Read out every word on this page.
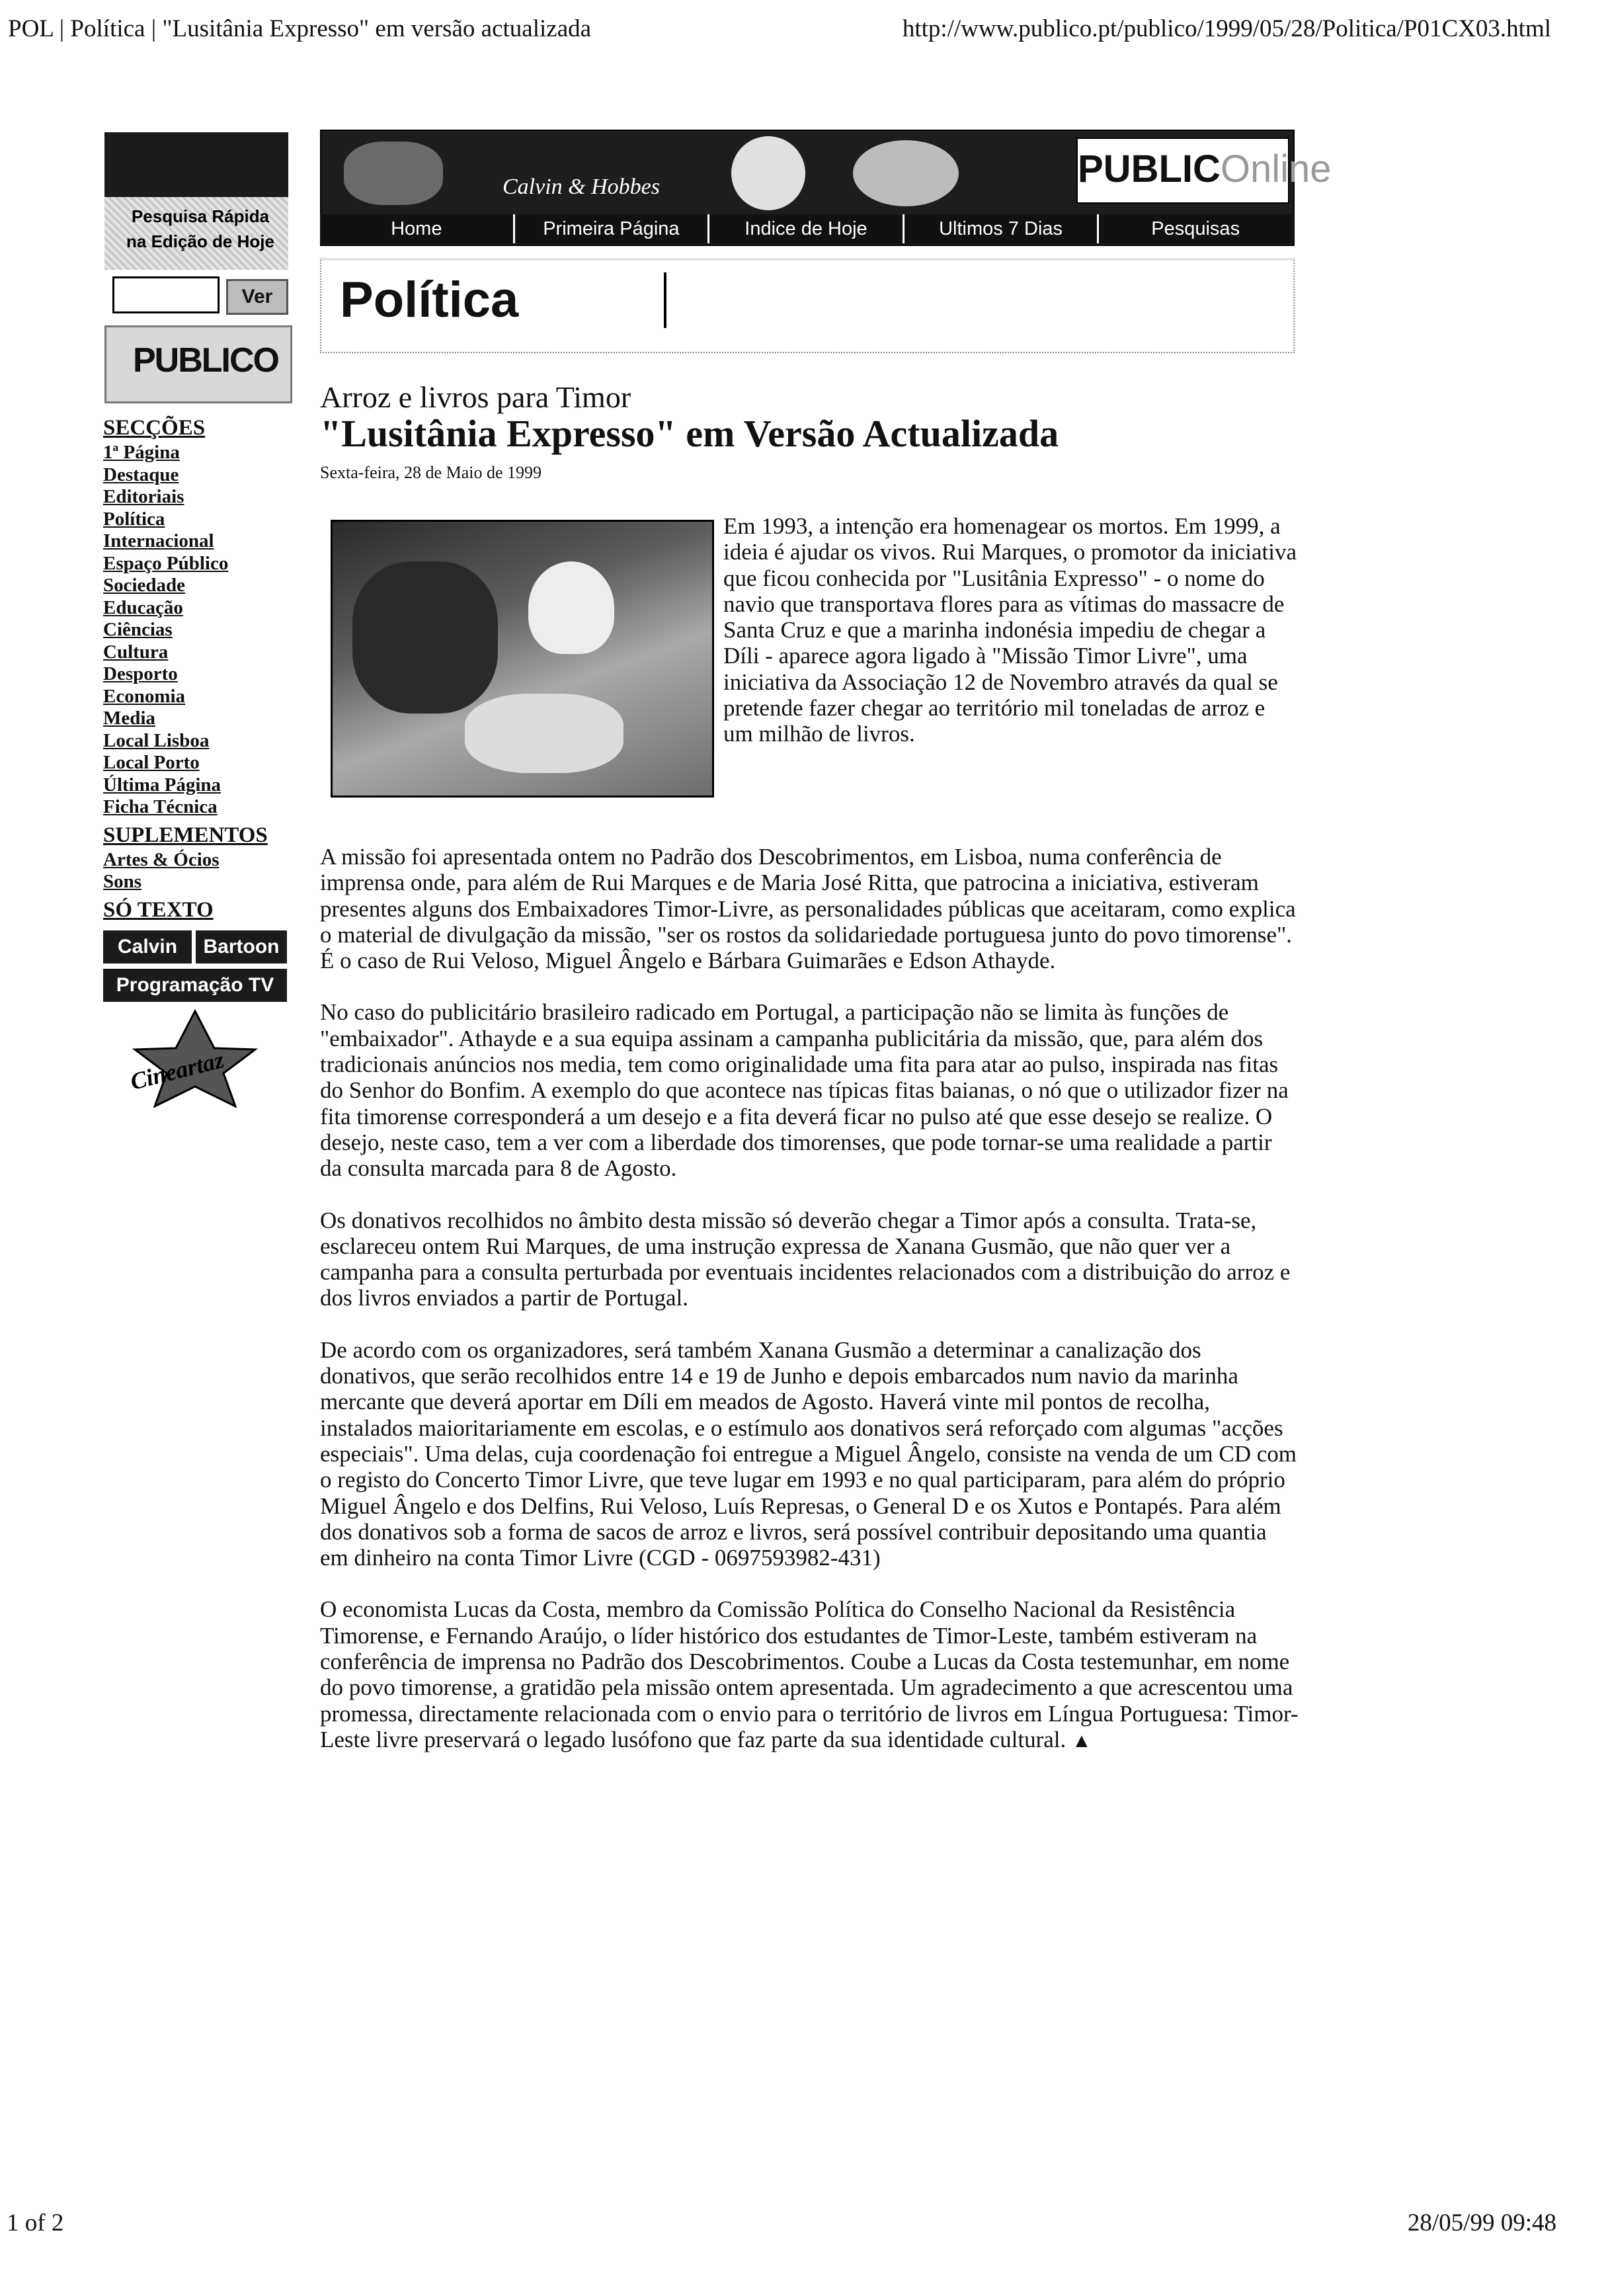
POL | Política | "Lusitânia Expresso" em versão actualizada	http://www.publico.pt/publico/1999/05/28/Politica/P01CX03.html
1 of 2	28/05/99 09:48
Pesquisa Rápida
na Edição de Hoje
Ver
PUBLICO
SECÇÕES
1ª Página
Destaque
Editoriais
Política
Internacional
Espaço Público
Sociedade
Educação
Ciências
Cultura
Desporto
Economia
Media
Local Lisboa
Local Porto
Última Página
Ficha Técnica
SUPLEMENTOS
Artes & Ócios
Sons
SÓ TEXTO
Calvin	Bartoon
Programação TV
Cineartaz
Calvin & Hobbes	PUBLICOnline
Home	Primeira Página	Indice de Hoje	Ultimos 7 Dias	Pesquisas
Política
Arroz e livros para Timor
"Lusitânia Expresso" em Versão Actualizada
Sexta-feira, 28 de Maio de 1999
Em 1993, a intenção era homenagear os mortos. Em 1999, a ideia é ajudar os vivos. Rui Marques, o promotor da iniciativa que ficou conhecida por "Lusitânia Expresso" - o nome do navio que transportava flores para as vítimas do massacre de Santa Cruz e que a marinha indonésia impediu de chegar a Díli - aparece agora ligado à "Missão Timor Livre", uma iniciativa da Associação 12 de Novembro através da qual se pretende fazer chegar ao território mil toneladas de arroz e um milhão de livros.

A missão foi apresentada ontem no Padrão dos Descobrimentos, em Lisboa, numa conferência de imprensa onde, para além de Rui Marques e de Maria José Ritta, que patrocina a iniciativa, estiveram presentes alguns dos Embaixadores Timor-Livre, as personalidades públicas que aceitaram, como explica o material de divulgação da missão, "ser os rostos da solidariedade portuguesa junto do povo timorense". É o caso de Rui Veloso, Miguel Ângelo e Bárbara Guimarães e Edson Athayde.

No caso do publicitário brasileiro radicado em Portugal, a participação não se limita às funções de "embaixador". Athayde e a sua equipa assinam a campanha publicitária da missão, que, para além dos tradicionais anúncios nos media, tem como originalidade uma fita para atar ao pulso, inspirada nas fitas do Senhor do Bonfim. A exemplo do que acontece nas típicas fitas baianas, o nó que o utilizador fizer na fita timorense corresponderá a um desejo e a fita deverá ficar no pulso até que esse desejo se realize. O desejo, neste caso, tem a ver com a liberdade dos timorenses, que pode tornar-se uma realidade a partir da consulta marcada para 8 de Agosto.

Os donativos recolhidos no âmbito desta missão só deverão chegar a Timor após a consulta. Trata-se, esclareceu ontem Rui Marques, de uma instrução expressa de Xanana Gusmão, que não quer ver a campanha para a consulta perturbada por eventuais incidentes relacionados com a distribuição do arroz e dos livros enviados a partir de Portugal.

De acordo com os organizadores, será também Xanana Gusmão a determinar a canalização dos donativos, que serão recolhidos entre 14 e 19 de Junho e depois embarcados num navio da marinha mercante que deverá aportar em Díli em meados de Agosto. Haverá vinte mil pontos de recolha, instalados maioritariamente em escolas, e o estímulo aos donativos será reforçado com algumas "acções especiais". Uma delas, cuja coordenação foi entregue a Miguel Ângelo, consiste na venda de um CD com o registo do Concerto Timor Livre, que teve lugar em 1993 e no qual participaram, para além do próprio Miguel Ângelo e dos Delfins, Rui Veloso, Luís Represas, o General D e os Xutos e Pontapés. Para além dos donativos sob a forma de sacos de arroz e livros, será possível contribuir depositando uma quantia em dinheiro na conta Timor Livre (CGD - 0697593982-431)

O economista Lucas da Costa, membro da Comissão Política do Conselho Nacional da Resistência Timorense, e Fernando Araújo, o líder histórico dos estudantes de Timor-Leste, também estiveram na conferência de imprensa no Padrão dos Descobrimentos. Coube a Lucas da Costa testemunhar, em nome do povo timorense, a gratidão pela missão ontem apresentada. Um agradecimento a que acrescentou uma promessa, directamente relacionada com o envio para o território de livros em Língua Portuguesa: Timor-Leste livre preservará o legado lusófono que faz parte da sua identidade cultural. ▲
